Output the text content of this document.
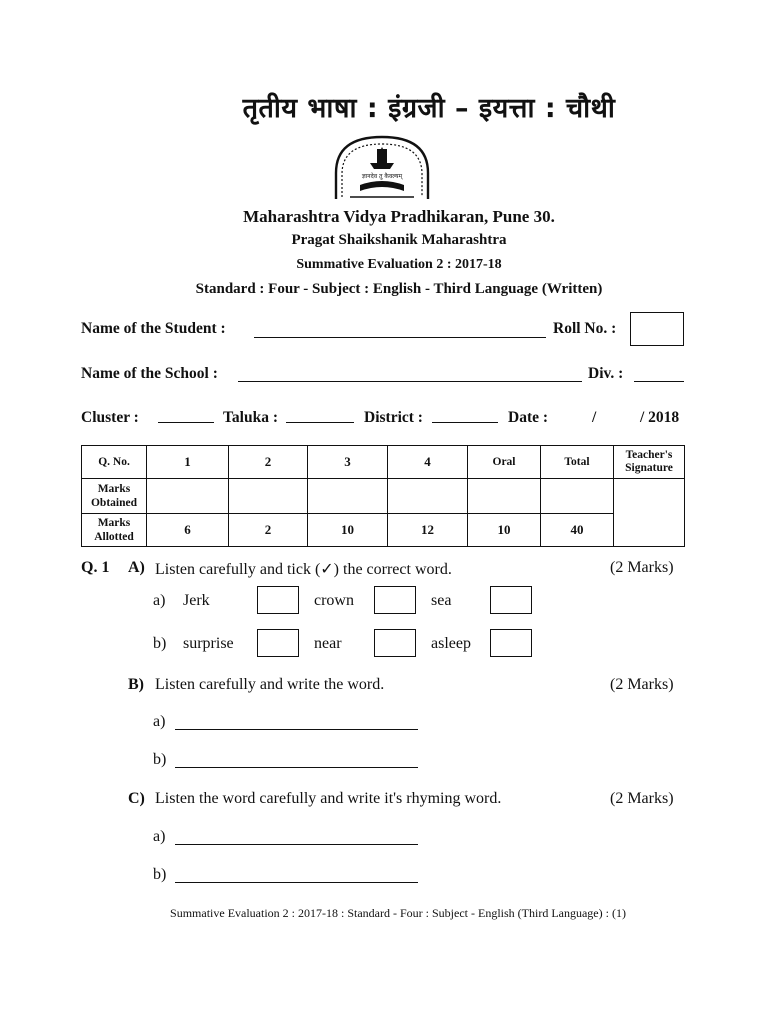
तृतीय भाषा : इंग्रजी – इयत्ता : चौथी
ज्ञानदेव तु कैवल्यम्
Maharashtra Vidya Pradhikaran, Pune 30.
Pragat Shaikshanik Maharashtra
Summative Evaluation 2 : 2017-18
Standard : Four - Subject : English - Third Language (Written)
Name of the Student :	Roll No. :
Name of the School :	Div. :
Cluster :	Taluka :	District :	Date :	/	/ 2018
Q. No.	1	2	3	4	Oral	Total	Teacher's Signature
Marks Obtained							
Marks Allotted	6	2	10	12	10	40	
Q. 1 A) Listen carefully and tick (✓) the correct word.	(2 Marks)
a) Jerk	crown	sea
b) surprise	near	asleep
B) Listen carefully and write the word.	(2 Marks)
a)
b)
C) Listen the word carefully and write it's rhyming word.	(2 Marks)
a)
b)
Summative Evaluation 2 : 2017-18 : Standard - Four : Subject - English (Third Language) : (1)
